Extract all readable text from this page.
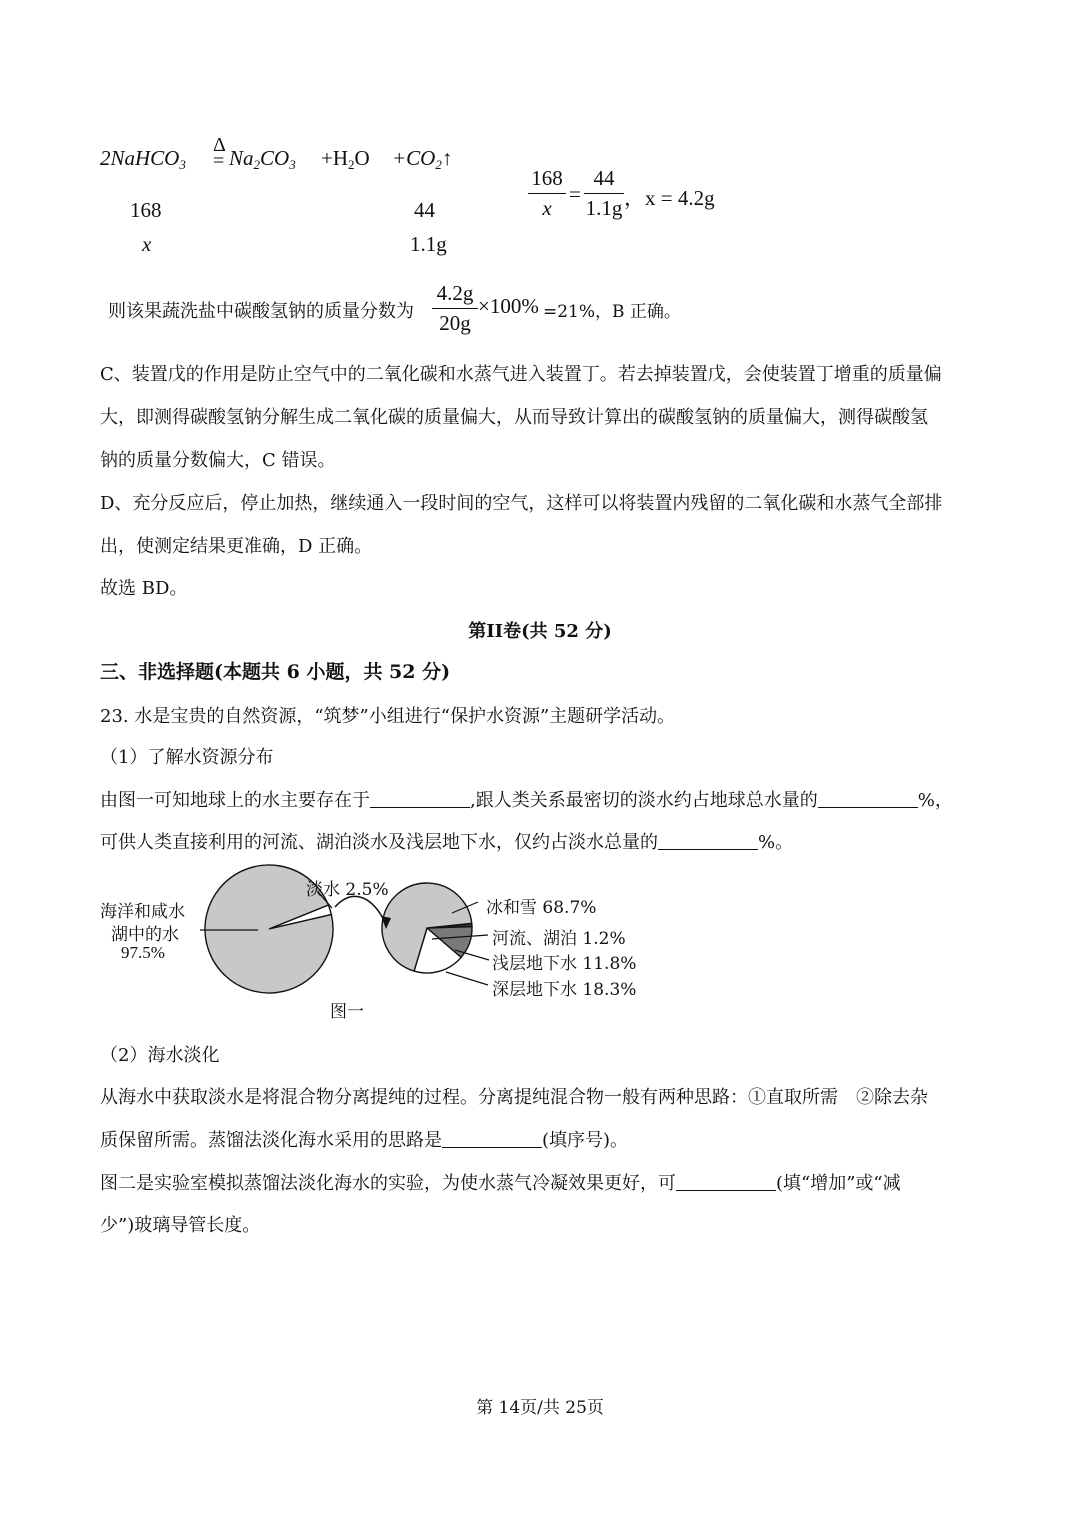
2NaHCO$_3$
Δ
= $Na_2CO_3 +H_2O$ $+CO_2↑$
168
x
44
1.1g
168
x
=
44
1.1g ，x = 4.2g
则该果蔬洗盐中碳酸氢钠的质量分数为
4.2g
20g
×100% =21%，B 正确。
C、装置戊的作用是防止空气中的二氧化碳和水蒸气进入装置丁。若去掉装置戊，会使装置丁增重的质量偏
大，即测得碳酸氢钠分解生成二氧化碳的质量偏大，从而导致计算出的碳酸氢钠的质量偏大，测得碳酸氢
钠的质量分数偏大，C 错误。
D、充分反应后，停止加热，继续通入一段时间的空气，这样可以将装置内残留的二氧化碳和水蒸气全部排
出，使测定结果更准确，D 正确。
故选 BD。
第II卷(共 52 分)
三、非选择题(本题共 6 小题，共 52 分)
23. 水是宝贵的自然资源，“筑梦”小组进行“保护水资源”主题研学活动。
（1）了解水资源分布
由图一可知地球上的水主要存在于	,跟人类关系最密切的淡水约占地球总水量的	%，
可供人类直接利用的河流、湖泊淡水及浅层地下水，仅约占淡水总量的	%。
海洋和咸水
湖中的水
97.5%
淡水 2.5%
冰和雪 68.7%
河流、湖泊 1.2%
浅层地下水 11.8%
深层地下水 18.3%
图一
（2）海水淡化
从海水中获取淡水是将混合物分离提纯的过程。分离提纯混合物一般有两种思路：①直取所需　②除去杂
质保留所需。蒸馏法淡化海水采用的思路是	(填序号)。
图二是实验室模拟蒸馏法淡化海水的实验，为使水蒸气冷凝效果更好，可	(填“增加”或“减
少”)玻璃导管长度。
第 14页/共 25页
